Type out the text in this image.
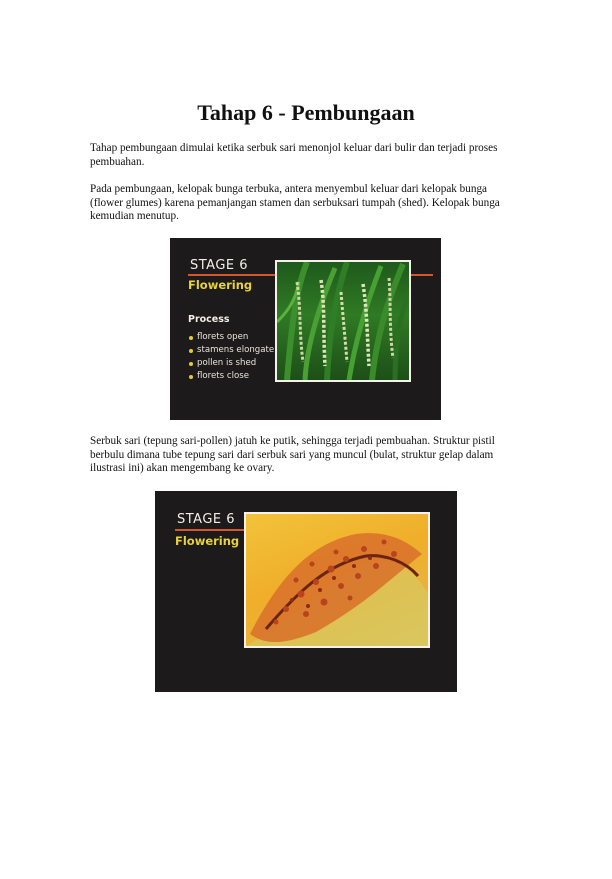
Tahap 6 - Pembungaan
Tahap pembungaan dimulai ketika serbuk sari menonjol keluar dari bulir dan terjadi proses pembuahan.
Pada pembungaan, kelopak bunga terbuka, antera menyembul keluar dari kelopak bunga (flower glumes) karena pemanjangan stamen dan serbuksari tumpah (shed). Kelopak bunga kemudian menutup.
STAGE 6
Flowering
Process
florets open
stamens elongate
pollen is shed
florets close
Serbuk sari (tepung sari-pollen) jatuh ke putik, sehingga terjadi pembuahan. Struktur pistil berbulu dimana tube tepung sari dari serbuk sari yang muncul (bulat, struktur gelap dalam ilustrasi ini) akan mengembang ke ovary.
STAGE 6
Flowering
